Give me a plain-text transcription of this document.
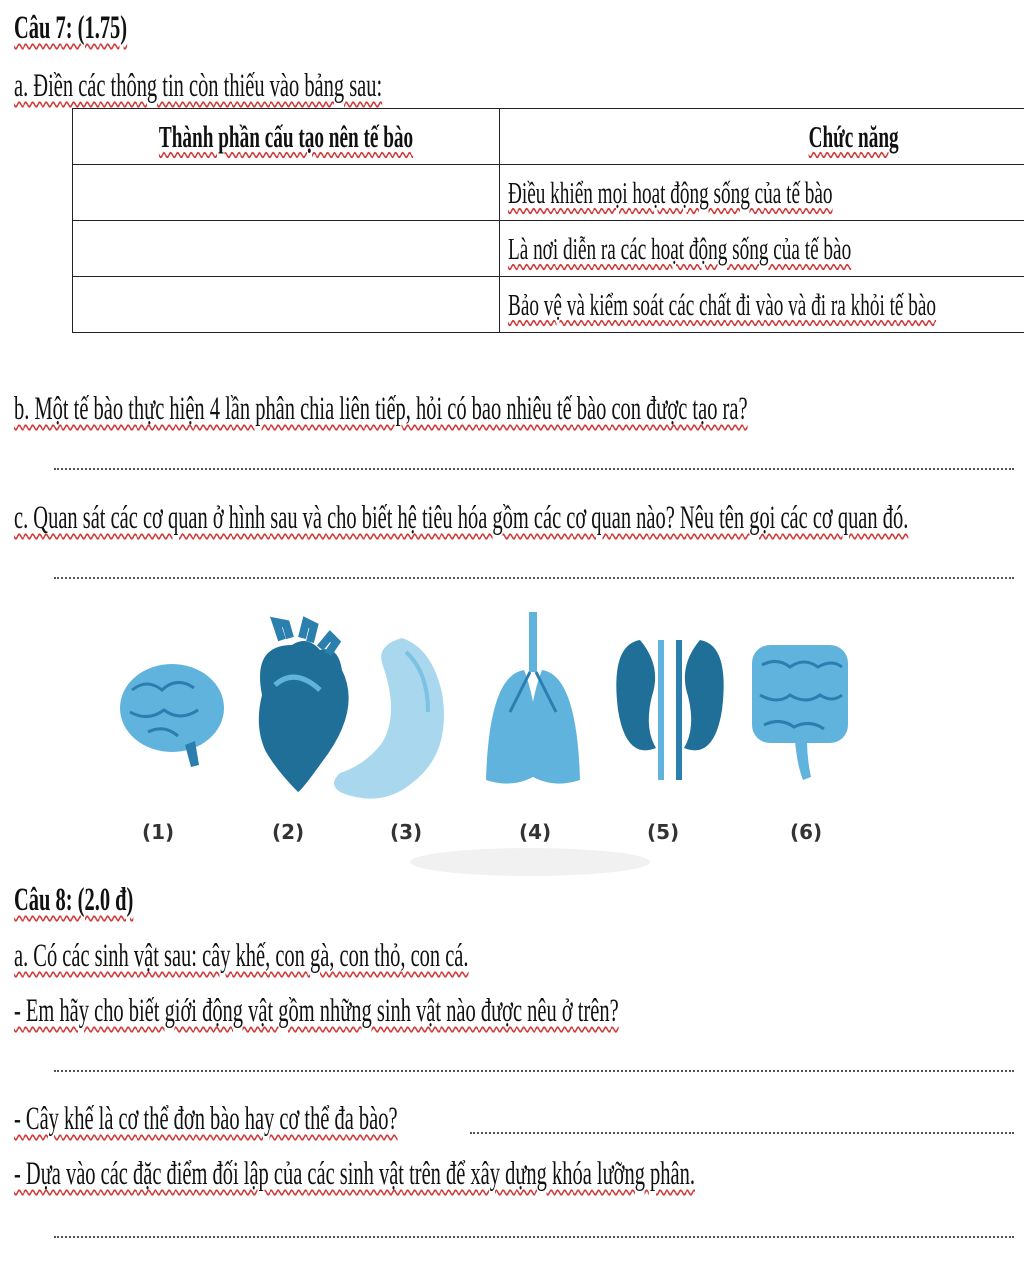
Câu 7: (1.75)
a. Điền các thông tin còn thiếu vào bảng sau:
Thành phần cấu tạo nên tế bào	Chức năng
	Điều khiển mọi hoạt động sống của tế bào
	Là nơi diễn ra các hoạt động sống của tế bào
	Bảo vệ và kiểm soát các chất đi vào và đi ra khỏi tế bào
b. Một tế bào thực hiện 4 lần phân chia liên tiếp, hỏi có bao nhiêu tế bào con được tạo ra?
c. Quan sát các cơ quan ở hình sau và cho biết hệ tiêu hóa gồm các cơ quan nào? Nêu tên gọi các cơ quan đó.
(1)	(2)	(3)	(4)	(5)	(6)
Câu 8: (2.0 đ)
a. Có các sinh vật sau: cây khế, con gà, con thỏ, con cá.
- Em hãy cho biết giới động vật gồm những sinh vật nào được nêu ở trên?
- Cây khế là cơ thể đơn bào hay cơ thể đa bào?
- Dựa vào các đặc điểm đối lập của các sinh vật trên để xây dựng khóa lưỡng phân.
